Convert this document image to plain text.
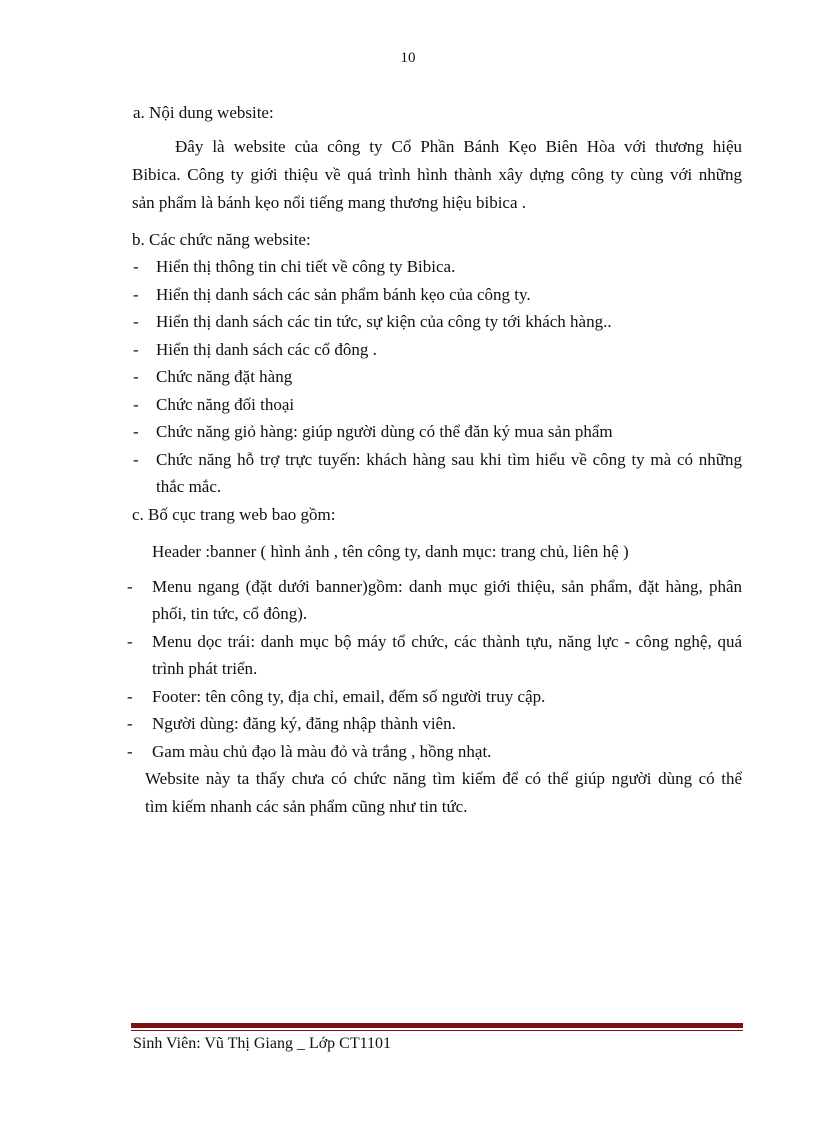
10
a. Nội dung website:
Đây là website của công ty Cổ Phần Bánh Kẹo Biên Hòa với thương hiệu
Bibica. Công ty giới thiệu về quá trình hình thành xây dựng công ty cùng với những
sản phẩm là bánh kẹo nổi tiếng mang thương hiệu bibica .
b. Các chức năng website:
- Hiển thị thông tin chi tiết về công ty Bibica.
- Hiển thị danh sách các sản phẩm bánh kẹo của công ty.
- Hiển thị danh sách các tin tức, sự kiện của công ty tới khách hàng..
- Hiển thị danh sách các cổ đông .
- Chức năng đặt hàng
- Chức năng đối thoại
- Chức năng giỏ hàng: giúp người dùng có thể đăn ký mua sản phẩm
- Chức năng hỗ trợ trực tuyến: khách hàng sau khi tìm hiểu về công ty mà có những
thắc mắc.
c. Bố cục trang web bao gồm:
Header :banner ( hình ảnh , tên công ty, danh mục: trang chủ, liên hệ )
- Menu ngang (đặt dưới banner)gồm: danh mục giới thiệu, sản phẩm, đặt hàng, phân
phối, tin tức, cổ đông).
- Menu dọc trái: danh mục bộ máy tổ chức, các thành tựu, năng lực - công nghệ, quá
trình phát triển.
- Footer: tên công ty, địa chỉ, email, đếm số người truy cập.
- Người dùng: đăng ký, đăng nhập thành viên.
- Gam màu chủ đạo là màu đỏ và trắng , hồng nhạt.
Website này ta thấy chưa có chức năng tìm kiếm để có thể giúp người dùng có thể
tìm kiếm nhanh các sản phẩm cũng như tin tức.
Sinh Viên: Vũ Thị Giang _ Lớp CT1101
